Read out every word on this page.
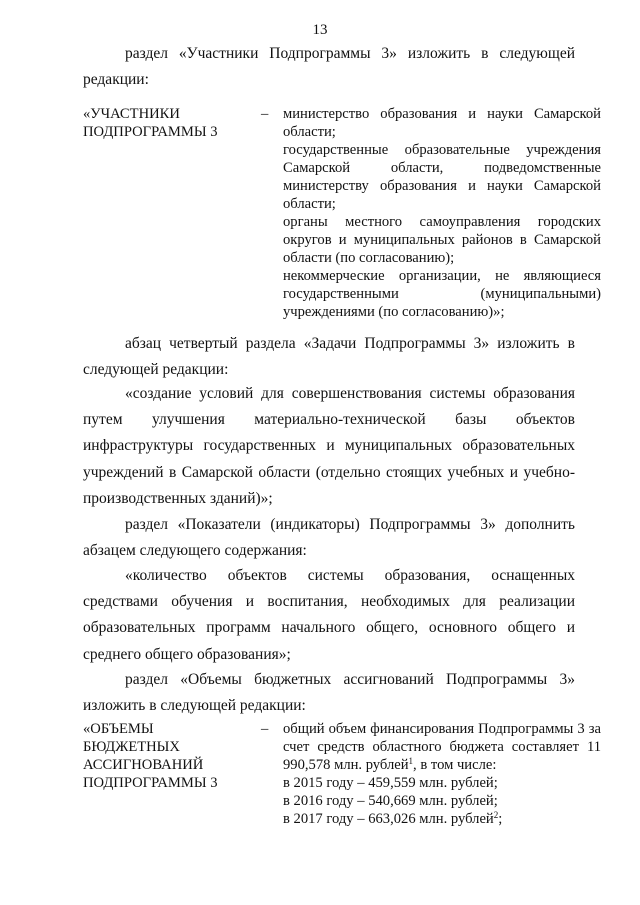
13
раздел «Участники Подпрограммы 3» изложить в следующей редакции:
«УЧАСТНИКИ ПОДПРОГРАММЫ 3
– министерство образования и науки Самарской области;
государственные образовательные учреждения Самарской области, подведомственные министерству образования и науки Самарской области;
органы местного самоуправления городских округов и муниципальных районов в Самарской области (по согласованию);
некоммерческие организации, не являющиеся государственными (муниципальными) учреждениями (по согласованию)»;
абзац четвертый раздела «Задачи Подпрограммы 3» изложить в следующей редакции:
«создание условий для совершенствования системы образования путем улучшения материально-технической базы объектов инфраструктуры государственных и муниципальных образовательных учреждений в Самарской области (отдельно стоящих учебных и учебно-производственных зданий)»;
раздел «Показатели (индикаторы) Подпрограммы 3» дополнить абзацем следующего содержания:
«количество объектов системы образования, оснащенных средствами обучения и воспитания, необходимых для реализации образовательных программ начального общего, основного общего и среднего общего образования»;
раздел «Объемы бюджетных ассигнований Подпрограммы 3» изложить в следующей редакции:
«ОБЪЕМЫ БЮДЖЕТНЫХ АССИГНОВАНИЙ ПОДПРОГРАММЫ 3
– общий объем финансирования Подпрограммы 3 за счет средств областного бюджета составляет 11 990,578 млн. рублей$^1$, в том числе:
в 2015 году – 459,559 млн. рублей;
в 2016 году – 540,669 млн. рублей;
в 2017 году – 663,026 млн. рублей$^2$;
